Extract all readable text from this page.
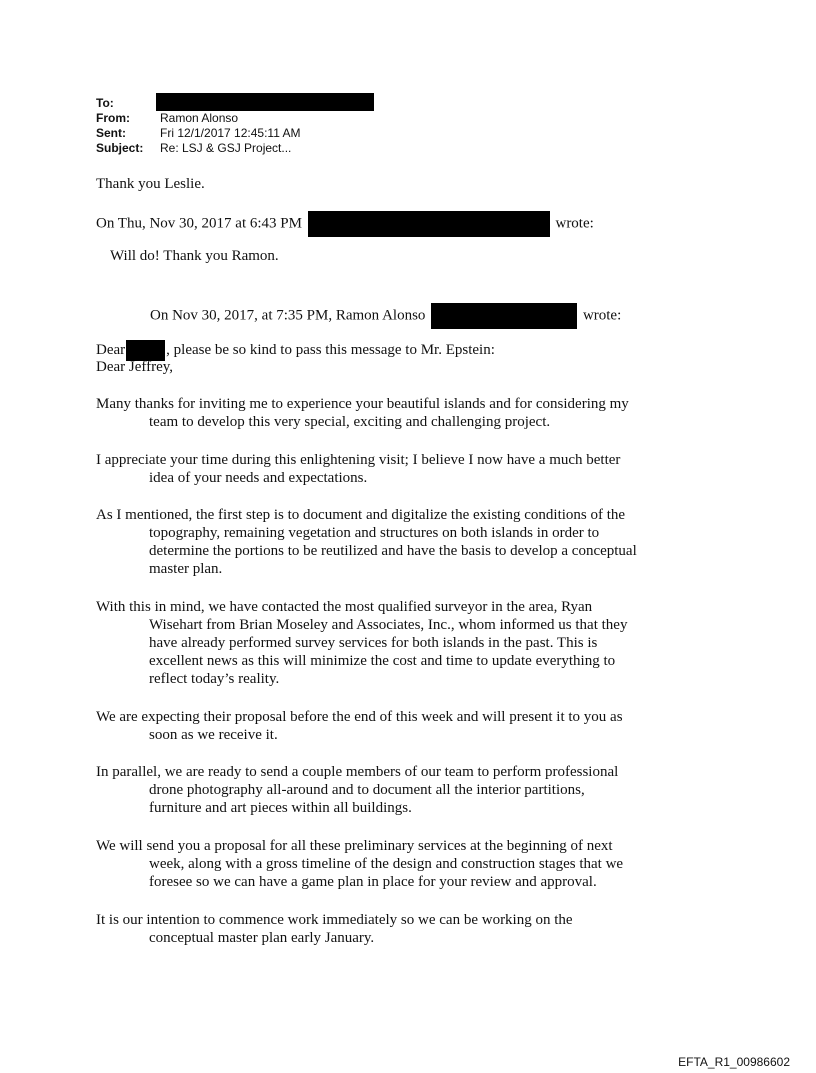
To:
From:	Ramon Alonso
Sent:	Fri 12/1/2017 12:45:11 AM
Subject: Re: LSJ & GSJ Project...
Thank you Leslie.
On Thu, Nov 30, 2017 at 6:43 PM	wrote:
Will do! Thank you Ramon.
On Nov 30, 2017, at 7:35 PM, Ramon Alonso	wrote:
Dear	, please be so kind to pass this message to Mr. Epstein:
Dear Jeffrey,
Many thanks for inviting me to experience your beautiful islands and for considering my
team to develop this very special, exciting and challenging project.
I appreciate your time during this enlightening visit; I believe I now have a much better
idea of your needs and expectations.
As I mentioned, the first step is to document and digitalize the existing conditions of the
topography, remaining vegetation and structures on both islands in order to
determine the portions to be reutilized and have the basis to develop a conceptual
master plan.
With this in mind, we have contacted the most qualified surveyor in the area, Ryan
Wisehart from Brian Moseley and Associates, Inc., whom informed us that they
have already performed survey services for both islands in the past. This is
excellent news as this will minimize the cost and time to update everything to
reflect today’s reality.
We are expecting their proposal before the end of this week and will present it to you as
soon as we receive it.
In parallel, we are ready to send a couple members of our team to perform professional
drone photography all-around and to document all the interior partitions,
furniture and art pieces within all buildings.
We will send you a proposal for all these preliminary services at the beginning of next
week, along with a gross timeline of the design and construction stages that we
foresee so we can have a game plan in place for your review and approval.
It is our intention to commence work immediately so we can be working on the
conceptual master plan early January.
EFTA_R1_00986602
